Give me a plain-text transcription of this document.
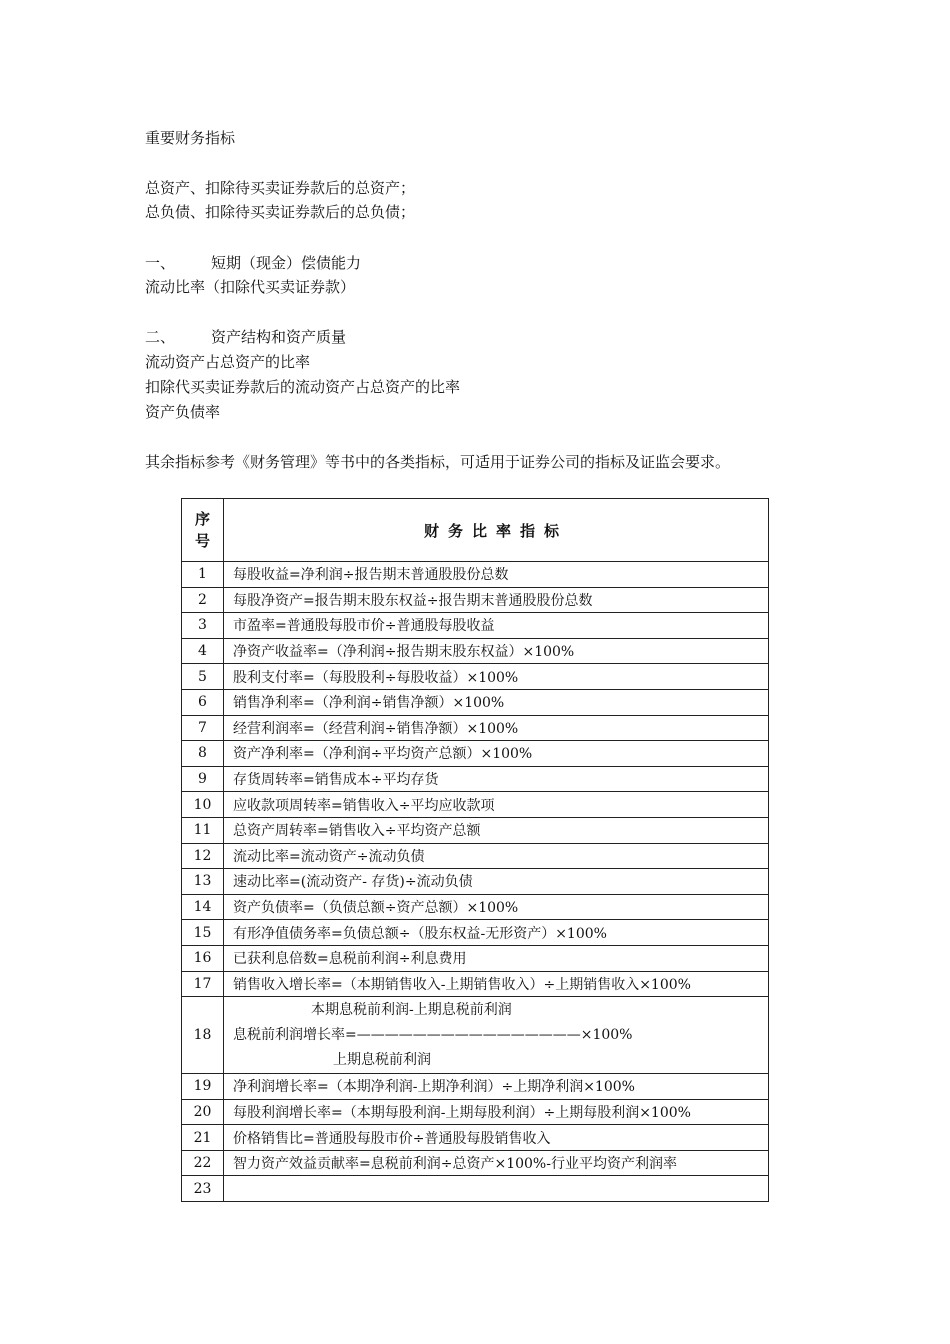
重要财务指标
总资产、扣除待买卖证券款后的总资产；
总负债、扣除待买卖证券款后的总负债；
一、 短期（现金）偿债能力
流动比率（扣除代买卖证券款）
二、 资产结构和资产质量
流动资产占总资产的比率
扣除代买卖证券款后的流动资产占总资产的比率
资产负债率
其余指标参考《财务管理》等书中的各类指标，可适用于证券公司的指标及证监会要求。
序
号	财务比率指标
1	每股收益=净利润÷报告期末普通股股份总数
2	每股净资产=报告期末股东权益÷报告期末普通股股份总数
3	市盈率=普通股每股市价÷普通股每股收益
4	净资产收益率=（净利润÷报告期末股东权益）×100%
5	股利支付率=（每股股利÷每股收益）×100%
6	销售净利率=（净利润÷销售净额）×100%
7	经营利润率=（经营利润÷销售净额）×100%
8	资产净利率=（净利润÷平均资产总额）×100%
9	存货周转率=销售成本÷平均存货
10	应收款项周转率=销售收入÷平均应收款项
11	总资产周转率=销售收入÷平均资产总额
12	流动比率=流动资产÷流动负债
13	速动比率=(流动资产- 存货)÷流动负债
14	资产负债率=（负债总额÷资产总额）×100%
15	有形净值债务率=负债总额÷（股东权益-无形资产）×100%
16	已获利息倍数=息税前利润÷利息费用
17	销售收入增长率=（本期销售收入-上期销售收入）÷上期销售收入×100%
18	本期息税前利润-上期息税前利润
息税前利润增长率=————————————————×100%
上期息税前利润

19	净利润增长率=（本期净利润-上期净利润）÷上期净利润×100%
20	每股利润增长率=（本期每股利润-上期每股利润）÷上期每股利润×100%
21	价格销售比=普通股每股市价÷普通股每股销售收入
22	智力资产效益贡献率=息税前利润÷总资产×100%-行业平均资产利润率
23	
